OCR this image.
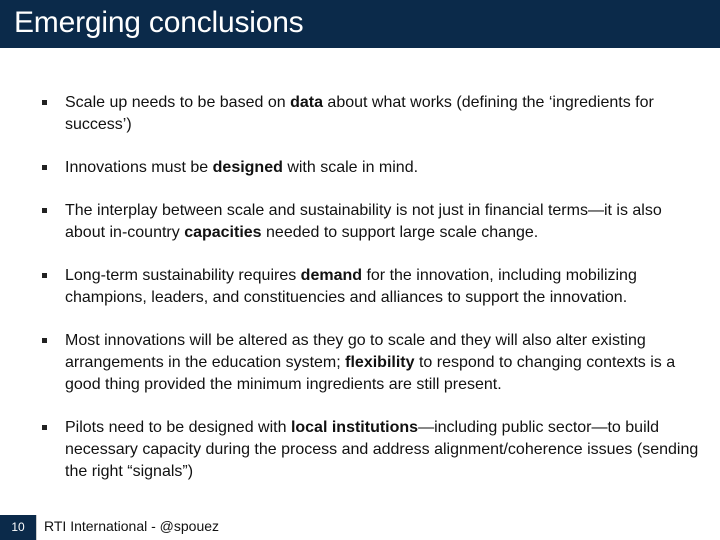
Emerging conclusions
Scale up needs to be based on data about what works (defining the ‘ingredients for success’)
Innovations must be designed with scale in mind.
The interplay between scale and sustainability is not just in financial terms—it is also about in-country capacities needed to support large scale change.
Long-term sustainability requires demand for the innovation, including mobilizing champions, leaders, and constituencies and alliances to support the innovation.
Most innovations will be altered as they go to scale and they will also alter existing arrangements in the education system; flexibility to respond to changing contexts is a good thing provided the minimum ingredients are still present.
Pilots need to be designed with local institutions—including public sector—to build necessary capacity during the process and address alignment/coherence issues (sending the right “signals”)
10	RTI International - @spouez
